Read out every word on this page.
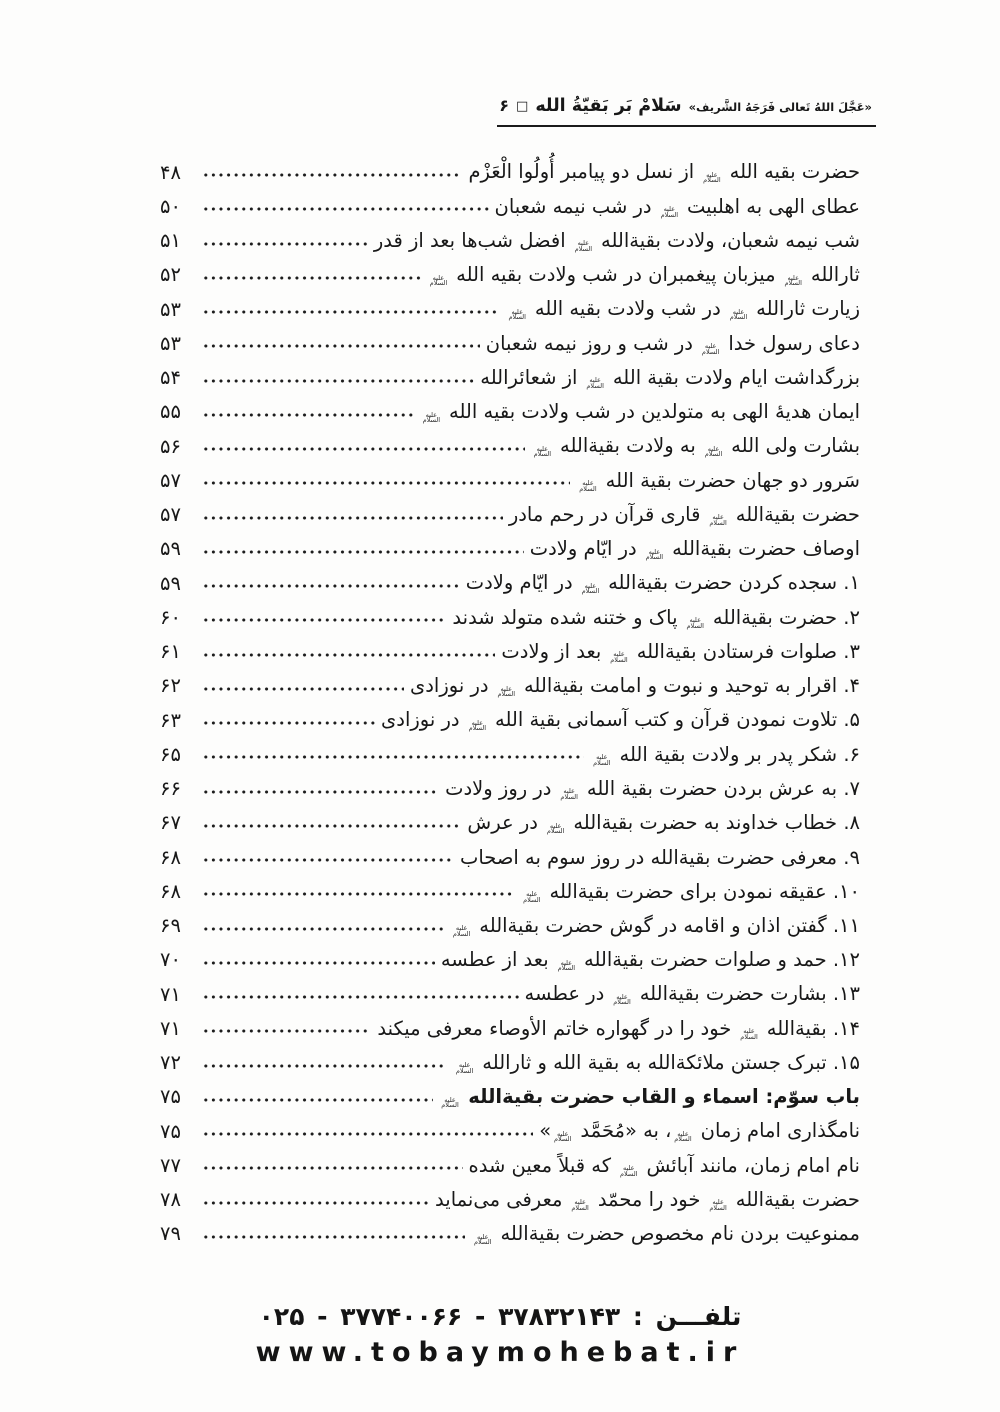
۶ □ سَلامْ بَر بَقیّةُ الله «عَجَّلَ اللهُ تَعالی فَرَجَهُ الشَّریف»
حضرت بقیه الله علیه السلام از نسل دو پیامبر أُولُوا الْعَزْم
۴۸
عطای الهی به اهلبیت علیه السلام در شب نیمه شعبان
۵۰
شب نیمه شعبان، ولادت بقیة‌الله علیه السلام افضل شب‌ها بعد از قدر
۵۱
ثارالله علیه السلام میزبان پیغمبران در شب ولادت بقیه الله علیه السلام
۵۲
زیارت ثارالله علیه السلام در شب ولادت بقیه الله علیه السلام
۵۳
دعای رسول خدا علیه السلام در شب و روز نیمه شعبان
۵۳
بزرگداشت ایام ولادت بقیة الله علیه السلام از شعائرالله
۵۴
ایمان هدیۀ الهی به متولدین در شب ولادت بقیه الله علیه السلام
۵۵
بشارت ولی الله علیه السلام به ولادت بقیة‌الله علیه السلام
۵۶
سَرور دو جهان حضرت بقیة الله علیه السلام
۵۷
حضرت بقیة‌الله علیه السلام قاری قرآن در رحم مادر
۵۷
اوصاف حضرت بقیة‌الله علیه السلام در ایّام ولادت
۵۹
۱. سجده کردن حضرت بقیة‌الله علیه السلام در ایّام ولادت
۵۹
۲. حضرت بقیة‌الله علیه السلام پاک و ختنه شده متولد شدند
۶۰
۳. صلوات فرستادن بقیة‌الله علیه السلام بعد از ولادت
۶۱
۴. اقرار به توحید و نبوت و امامت بقیة‌الله علیه السلام در نوزادی
۶۲
۵. تلاوت نمودن قرآن و کتب آسمانی بقیة الله علیه السلام در نوزادی
۶۳
۶. شکر پدر بر ولادت بقیة الله علیه السلام
۶۵
۷. به عرش بردن حضرت بقیة الله علیه السلام در روز ولادت
۶۶
۸. خطاب خداوند به حضرت بقیة‌الله علیه السلام در عرش
۶۷
۹. معرفی حضرت بقیة‌الله در روز سوم به اصحاب
۶۸
۱۰. عقیقه نمودن برای حضرت بقیة‌الله علیه السلام
۶۸
۱۱. گفتن اذان و اقامه در گوش حضرت بقیة‌الله علیه السلام
۶۹
۱۲. حمد و صلوات حضرت بقیة‌الله علیه السلام بعد از عطسه
۷۰
۱۳. بشارت حضرت بقیة‌الله علیه السلام در عطسه
۷۱
۱۴. بقیة‌الله علیه السلام خود را در گهواره خاتم الأوصاء معرفی میکند
۷۱
۱۵. تبرک جستن ملائکة‌الله به بقیة الله و ثارالله علیه السلام
۷۲
باب سوّم: اسماء و القاب حضرت بقیة‌الله علیه السلام
۷۵
نامگذاری امام زمان علیه السلام، به «مُحَمَّد علیه السلام»
۷۵
نام امام زمان، مانند آبائش علیه السلام که قبلاً معین شده
۷۷
حضرت بقیة‌الله علیه السلام خود را محمّد علیه السلام معرفی می‌نماید
۷۸
ممنوعیت بردن نام مخصوص حضرت بقیة‌الله علیه السلام
۷۹
تلفـــن : ۳۷۸۳۲۱۴۳ - ۳۷۷۴۰۰۶۶ - ۰۲۵
www.tobaymohebat.ir
